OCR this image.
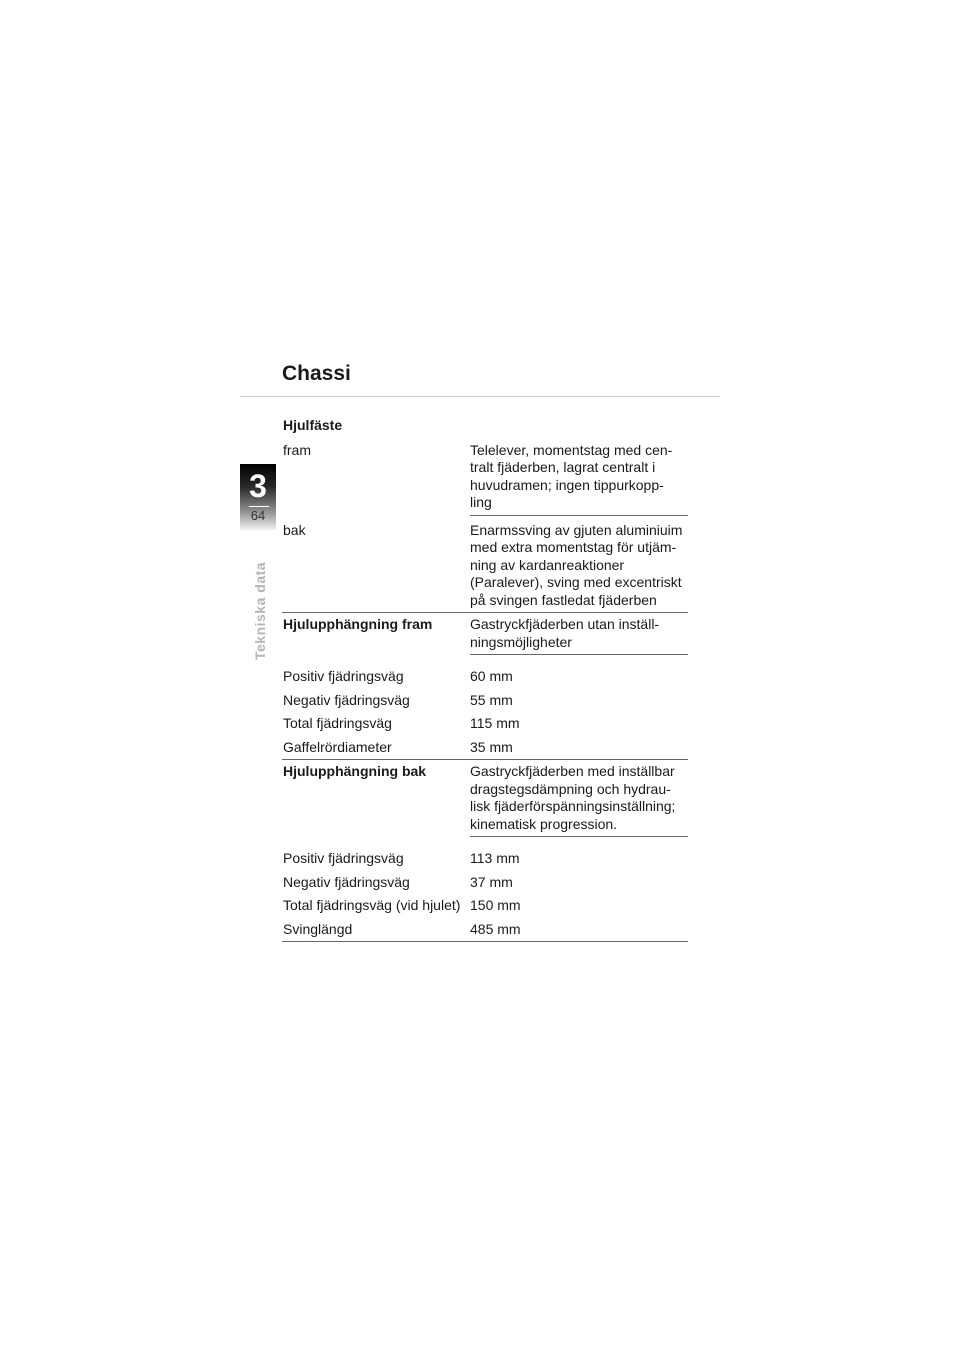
Chassi
3
64
Tekniska data
Hjulfäste
fram	Telelever, momentstag med cen-
tralt fjäderben, lagrat centralt i
huvudramen; ingen tippurkopp-
ling
bak	Enarmssving av gjuten aluminiuim
med extra momentstag för utjäm-
ning av kardanreaktioner
(Paralever), sving med excentriskt
på svingen fastledat fjäderben
Hjulupphängning fram	Gastryckfjäderben utan inställ-
ningsmöjligheter
Positiv fjädringsväg	60 mm
Negativ fjädringsväg	55 mm
Total fjädringsväg	115 mm
Gaffelrördiameter	35 mm
Hjulupphängning bak	Gastryckfjäderben med inställbar
dragstegsdämpning och hydrau-
lisk fjäderförspänningsinställning;
kinematisk progression.
Positiv fjädringsväg	113 mm
Negativ fjädringsväg	37 mm
Total fjädringsväg (vid hjulet) 150 mm
Svinglängd	485 mm
